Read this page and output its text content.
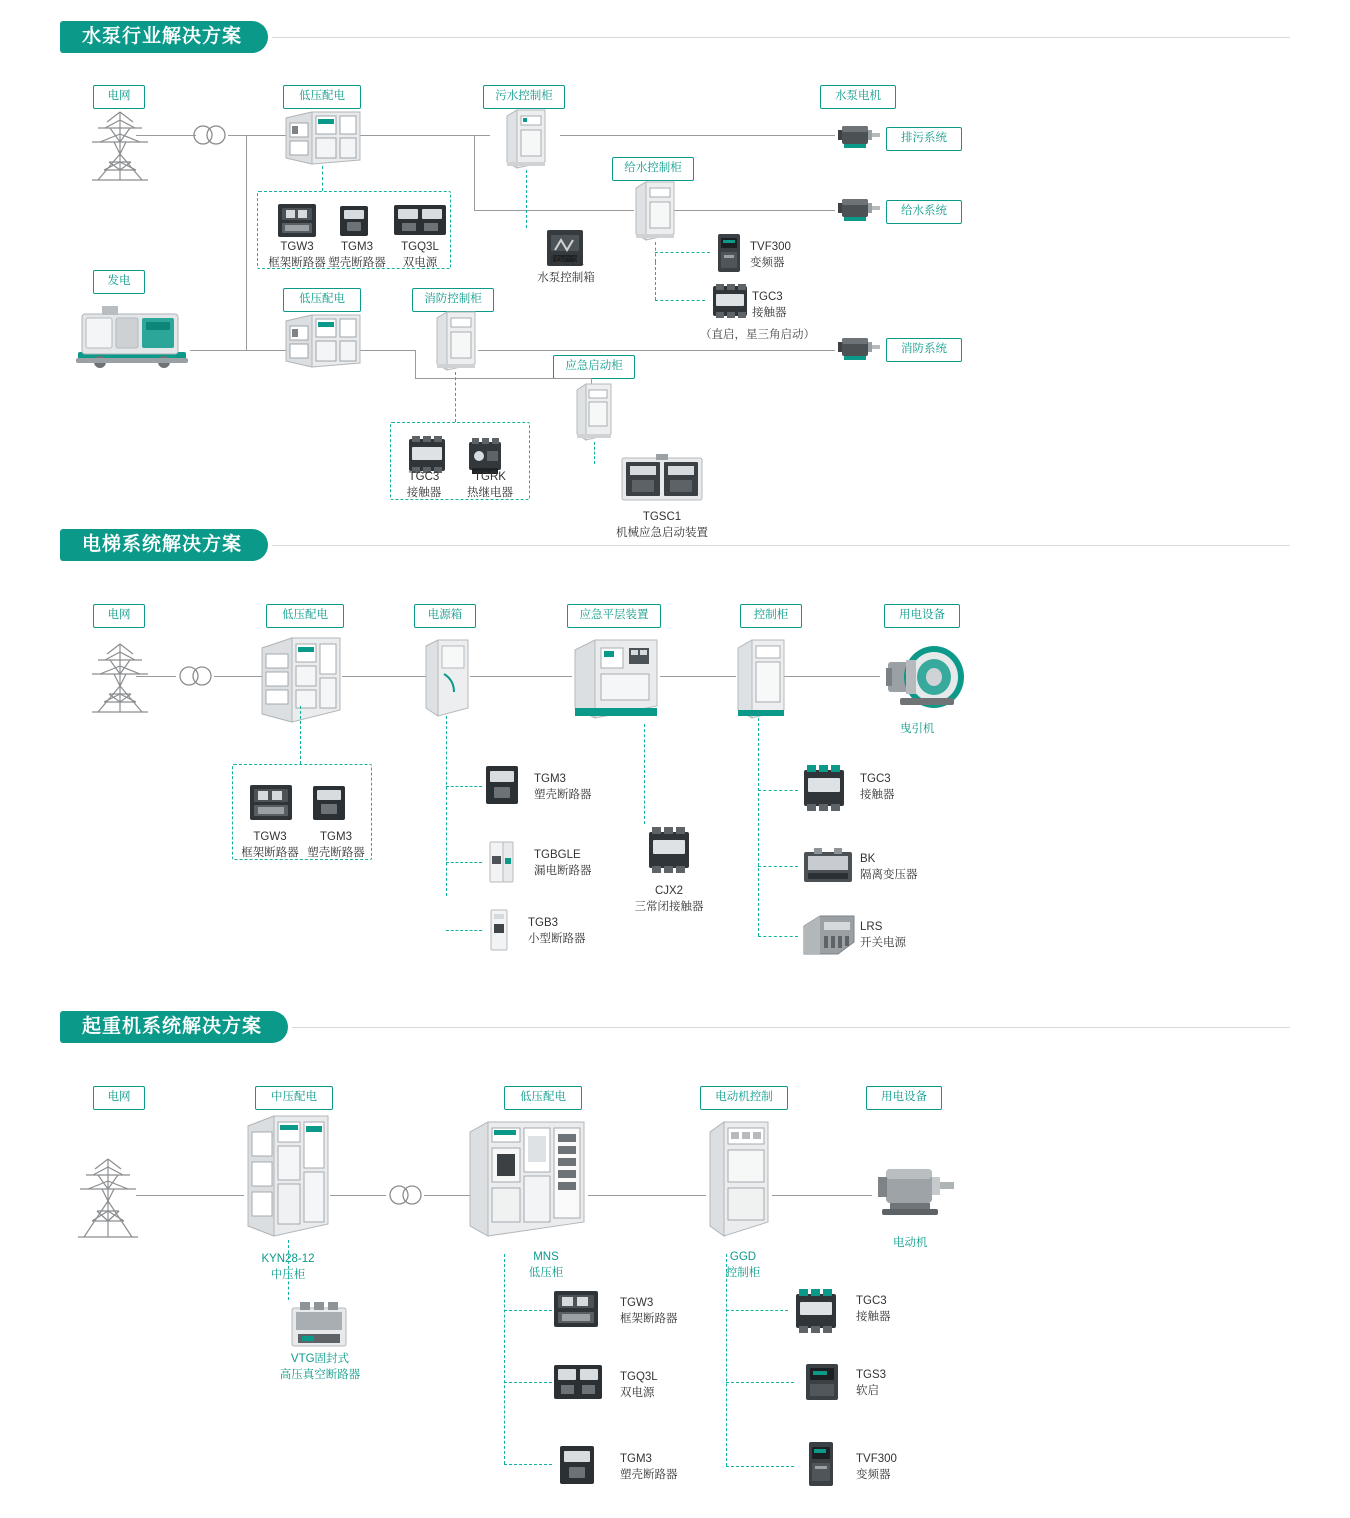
水泵行业解决方案
电网	低压配电	污水控制柜	水泵电机
给水控制柜
发电
低压配电	消防控制柜
应急启动柜
排污系统
给水系统
消防系统
TGW3
框架断路器
TGM3
塑壳断路器
TGQ3L
双电源	TPC21
水泵控制箱
TVF300
变频器
TGC3
接触器
（直启，星三角启动）
TGC3
接触器
TGRK
热继电器
TGSC1
机械应急启动装置
电梯系统解决方案
电网	低压配电	电源箱	应急平层装置	控制柜	用电设备
曳引机
TGW3
框架断路器
TGM3
塑壳断路器
TGM3
塑壳断路器
TGBGLE
漏电断路器
TGB3
小型断路器
CJX2
三常闭接触器
TGC3
接触器
BK
隔离变压器
LRS
开关电源
起重机系统解决方案
电网	中压配电	低压配电	电动机控制	用电设备
KYN28-12
中压柜
MNS
低压柜
GGD
控制柜
电动机
VTG固封式
高压真空断路器
TGW3
框架断路器
TGQ3L
双电源
TGM3
塑壳断路器
TGC3
接触器
TGS3
软启
TVF300
变频器
